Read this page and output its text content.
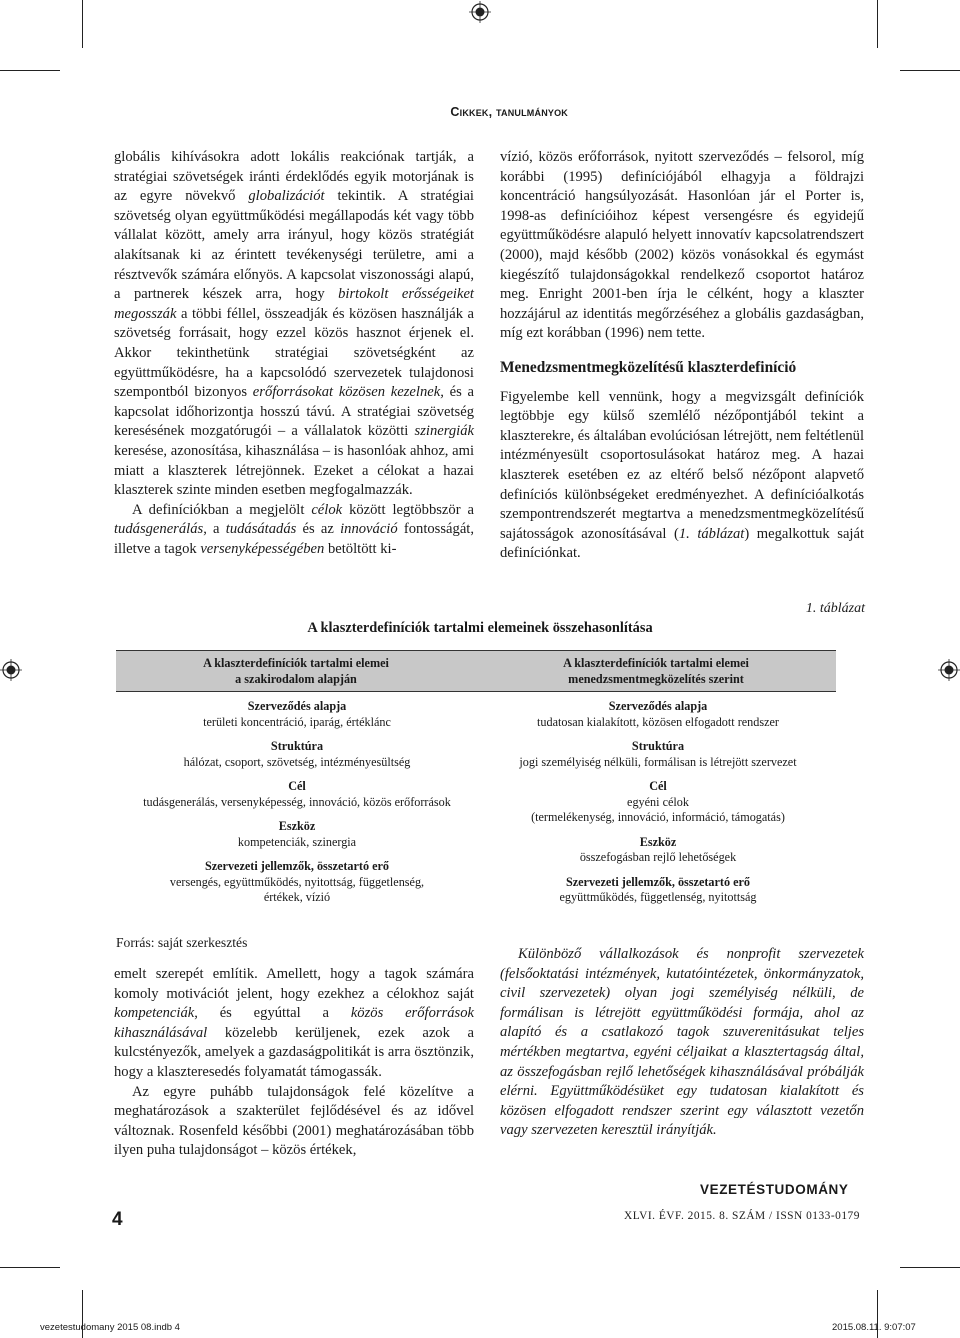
Cikkek, tanulmányok

globális kihívásokra adott lokális reakciónak tartják, a stratégiai szövetségek iránti érdeklődés egyik motorjának is az egyre növekvő globalizációt tekintik. A stratégiai szövetség olyan együttműködési megállapodás két vagy több vállalat között, amely arra irányul, hogy közös stratégiát alakítsanak ki az érintett tevékenységi területre, ami a résztvevők számára előnyös. A kapcsolat viszonossági alapú, a partnerek készek arra, hogy birtokolt erősségeiket megosszák a többi féllel, összeadják és közösen használják a szövetség forrásait, hogy ezzel közös hasznot érjenek el. Akkor tekinthetünk stratégiai szövetségként az együttműködésre, ha a kapcsolódó szervezetek tulajdonosi szempontból bizonyos erőforrásokat közösen kezelnek, és a kapcsolat időhorizontja hosszú távú. A stratégiai szövetség keresésének mozgatórugói – a vállalatok közötti szinergiák keresése, azonosítása, kihasználása – is hasonlóak ahhoz, ami miatt a klaszterek létrejönnek. Ezeket a célokat a hazai klaszterek szinte minden esetben megfogalmazzák.

A definíciókban a megjelölt célok között legtöbbször a tudásgenerálás, a tudásátadás és az innováció fontosságát, illetve a tagok versenyképességében betöltött ki-

vízió, közös erőforrások, nyitott szerveződés – felsorol, míg korábbi (1995) definíciójából elhagyja a földrajzi koncentráció hangsúlyozását. Hasonlóan jár el Porter is, 1998-as definícióihoz képest versengésre és egyidejű együttműködésre alapuló helyett innovatív kapcsolatrendszert (2000), majd később (2002) közös vonásokkal és egymást kiegészítő tulajdonságokkal rendelkező csoportot határoz meg. Enright 2001-ben írja le célként, hogy a klaszter hozzájárul az identitás megőrzéséhez a globális gazdaságban, míg ezt korábban (1996) nem tette.

Menedzsmentmegközelítésű klaszterdefiníció

Figyelembe kell vennünk, hogy a megvizsgált definíciók legtöbbje egy külső szemlélő nézőpontjából tekint a klaszterekre, és általában evolúciósan létrejött, nem feltétlenül intézményesült csoportosulásokat határoz meg. A hazai klaszterek esetében ez az eltérő belső nézőpont alapvető definíciós különbségeket eredményezhet. A definícióalkotás szempontrendszerét megtartva a menedzsmentmegközelítésű sajátosságok azonosításával (1. táblázat) megalkottuk saját definíciónkat.

1. táblázat
A klaszterdefiníciók tartalmi elemeinek összehasonlítása
A klaszterdefiníciók tartalmi elemei
a szakirodalom alapján
A klaszterdefiníciók tartalmi elemei
menedzsmentmegközelítés szerint
Szerveződés alapja
területi koncentráció, iparág, értéklánc
Struktúra
hálózat, csoport, szövetség, intézményesültség
Cél
tudásgenerálás, versenyképesség, innováció, közös erőforrások
Eszköz
kompetenciák, szinergia
Szervezeti jellemzők, összetartó erő
versengés, együttműködés, nyitottság, függetlenség,
értékek, vízió
Szerveződés alapja
tudatosan kialakított, közösen elfogadott rendszer
Struktúra
jogi személyiség nélküli, formálisan is létrejött szervezet
Cél
egyéni célok
(termelékenység, innováció, információ, támogatás)
Eszköz
összefogásban rejlő lehetőségek
Szervezeti jellemzők, összetartó erő
együttműködés, függetlenség, nyitottság
Forrás: saját szerkesztés

emelt szerepét említik. Amellett, hogy a tagok számára komoly motivációt jelent, hogy ezekhez a célokhoz saját kompetenciák, és egyúttal a közös erőforrások kihasználásával közelebb kerüljenek, ezek azok a kulcstényezők, amelyek a gazdaságpolitikát is arra ösztönzik, hogy a klaszteresedés folyamatát támogassák.

Az egyre puhább tulajdonságok felé közelítve a meghatározások a szakterület fejlődésével és az idővel változnak. Rosenfeld későbbi (2001) meghatározásában több ilyen puha tulajdonságot – közös értékek,

Különböző vállalkozások és nonprofit szervezetek (felsőoktatási intézmények, kutatóintézetek, önkormányzatok, civil szervezetek) olyan jogi személyiség nélküli, de formálisan is létrejött együttműködési formája, ahol az alapító és a csatlakozó tagok szuverenitásukat teljes mértékben megtartva, egyéni céljaikat a klasztertagság által, az összefogásban rejlő lehetőségek kihasználásával próbálják elérni. Együttműködésüket egy tudatosan kialakított és közösen elfogadott rendszer szerint egy választott vezetőn vagy szervezeten keresztül irányítják.

VEZETÉSTUDOMÁNY
XLVI. ÉVF. 2015. 8. SZÁM / ISSN 0133-0179
4
vezetestudomany 2015 08.indb 4	2015.08.11. 9:07:07
